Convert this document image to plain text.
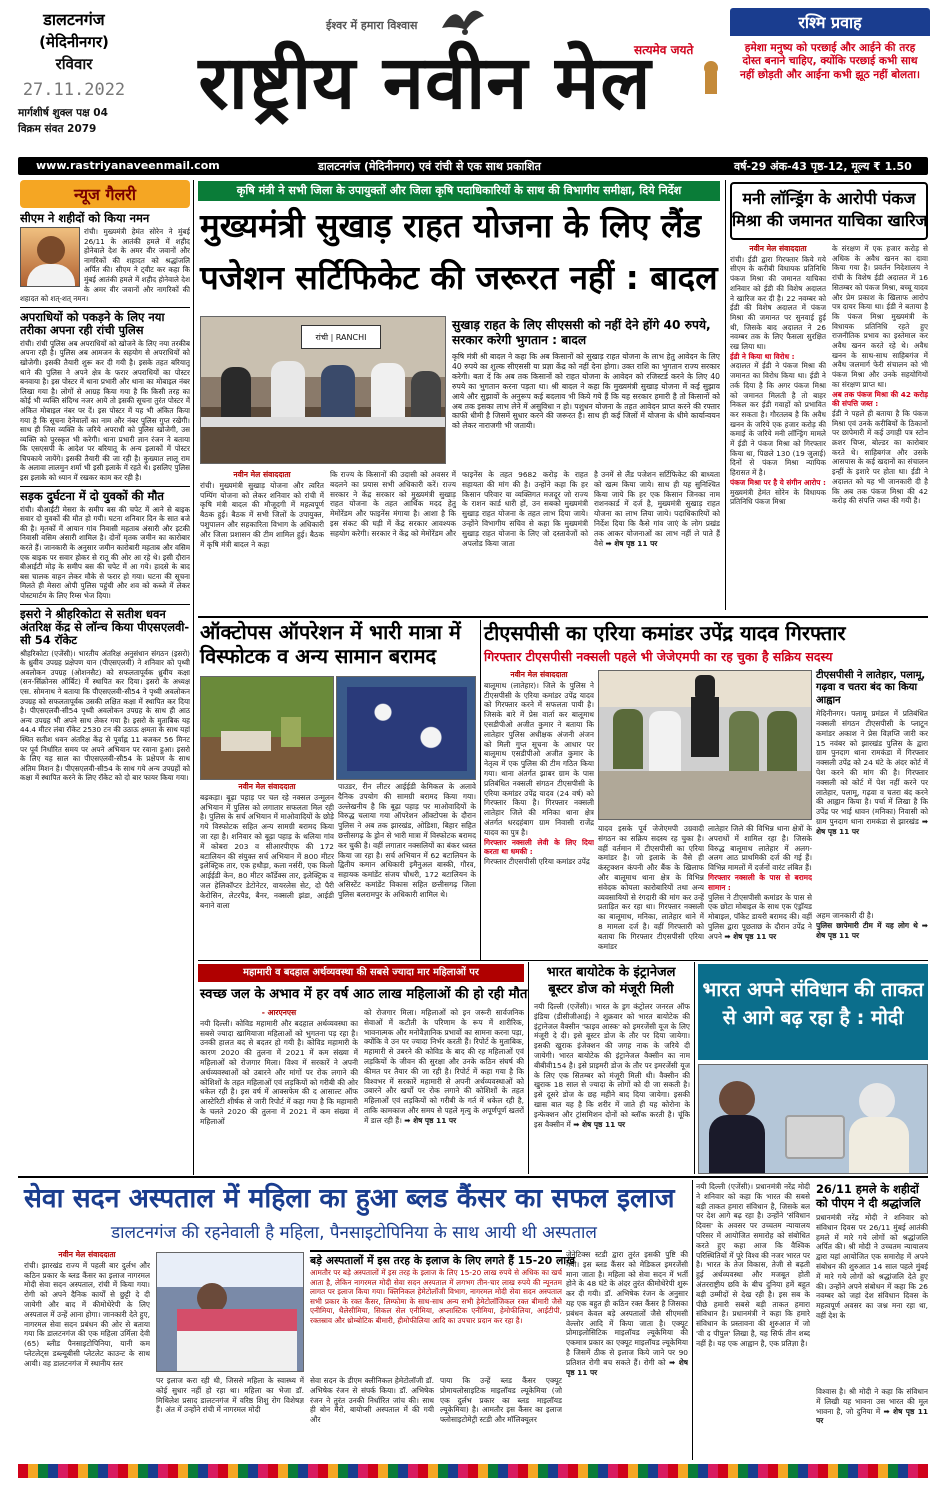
डालटनगंज
(मेदिनीनगर)
रविवार
27.11.2022
मार्गशीर्ष शुक्ल पक्ष 04
विक्रम संवत 2079
ईश्वर में हमारा विश्वास
राष्ट्रीय नवीन मेल
सत्यमेव जयते
रश्मि प्रवाह
हमेशा मनुष्य को परछाई और आईने की तरह दोस्त बनाने चाहिए, क्योंकि परछाई कभी साथ नहीं छोड़ती और आईना कभी झूठ नहीं बोलता।
www.rastriyanaveenmail.com	डालटनगंज (मेदिनीनगर) एवं रांची से एक साथ प्रकाशित	वर्ष-29 अंक-43 पृष्ठ-12, मूल्य ₹ 1.50
न्यूज गैलरी
सीएम ने शहीदों को किया नमन
रांची। मुख्यमंत्री हेमंत सोरेन ने मुंबई 26/11 के आतंकी हमले में शहीद होनेवाले देश के अमर वीर जवानों और नागरिकों की शहादत को श्रद्धांजलि अर्पित की। सीएम ने ट्वीट कर कहा कि मुंबई आतंकी हमले में शहीद होनेवाले देश के अमर वीर जवानों और नागरिकों की शहादत को शत्-शत् नमन।
अपराधियों को पकड़ने के लिए नया तरीका अपना रही रांची पुलिस
रांची। रांची पुलिस अब अपराधियों को खोजने के लिए नया तरकीब अपना रही है। पुलिस अब आमजन के सहयोग से अपराधियों को खोजेगी। इसकी तैयारी शुरू कर दी गयी है। इसके तहत बरियातू थाने की पुलिस ने अपने क्षेत्र के फरार अपराधियों का पोस्टर बनवाया है। इस पोस्टर में थाना प्रभारी और थाना का मोबाइल नंबर लिखा गया है। लोगों से आग्रह किया गया है कि किसी तरह का कोई भी व्यक्ति संदिग्ध नजर आये तो इसकी सूचना तुरंत पोस्टर में अंकित मोबाइल नंबर पर दें। इस पोस्टर में यह भी अंकित किया गया है कि सूचना देनेवालों का नाम और नंबर पुलिस गुप्त रखेगी। साथ ही जिस व्यक्ति के जरिये अपराधी को पुलिस खोजेगी, उस व्यक्ति को पुरस्कृत भी करेगी। थाना प्रभारी ज्ञान रंजन ने बताया कि एसएसपी के आदेश पर बरियातू के अन्य इलाकों में पोस्टर चिपकाये जायेंगे। इसकी तैयारी की जा रही है। कुख्यात लालू राम के अलावा लालमुन शर्मा भी इसी इलाके में रहते थे। इसलिए पुलिस इस इलाके को ध्यान में रखकर काम कर रही है।
सड़क दुर्घटना में दो युवकों की मौत
रांची। बीआईटी मेसरा के समीप बस की चपेट में आने से बाइक सवार दो युवकों की मौत हो गयी। घटना शनिवार दिन के सात बजे की है। मृतकों में आयान गांव निवासी महताब अंसारी और इटकी निवासी वसिम अंसारी शामिल है। दोनों मृतक जमीन का कारोबार करते हैं। जानकारी के अनुसार जमीन कारोबारी महताब और वसिम एक बाइक पर सवार होकर से रातू की ओर आ रहे थे। इसी दौरान बीआईटी मोड़ के समीप बस की चपेट में आ गये। हादसे के बाद बस चालक वाहन लेकर मौके से फरार हो गया। घटना की सूचना मिलते ही मेसरा ओपी पुलिस पहुंची और शव को कब्जे में लेकर पोस्टमार्टम के लिए रिम्स भेज दिया।
इसरो ने श्रीहरिकोटा से सतीश धवन अंतरिक्ष केंद्र से लॉन्च किया पीएसएलवी- सी 54 रॉकेट
श्रीहरिकोटा (एजेंसी)। भारतीय अंतरिक्ष अनुसंधान संगठन (इसरो) के ध्रुवीय उपग्रह प्रक्षेपण यान (पीएसएलवी) ने शनिवार को पृथ्वी अवलोकन उपग्रह (ओशनसैट) को सफलतापूर्वक ध्रुवीय कक्षा (सन-सिंक्रोनस ऑर्बिट) में स्थापित कर दिया। इसरो के अध्यक्ष एस. सोमनाथ ने बताया कि पीएसएलवी-सी54 ने पृथ्वी अवलोकन उपग्रह को सफलतापूर्वक उसकी लक्षित कक्षा में स्थापित कर दिया है। पीएसएलवी-सी54 पृथ्वी अवलोकन उपग्रह के साथ ही आठ अन्य उपग्रह भी अपने साथ लेकर गया है। इसरो के मुताबिक यह 44.4 मीटर लंबा रॉकेट 2530 टन की उठाऊ क्षमता के साथ यहां स्थित सतीश धवन अंतरिक्ष केंद्र से पूर्वाह्न 11 बजकर 56 मिनट पर पूर्व निर्धारित समय पर अपने अभियान पर रवाना हुआ। इसरो के लिए यह साल का पीएसएलवी-सी54 के प्रक्षेपण के साथ अंतिम मिशन है। पीएसएलवी-सी54 के साथ गये अन्य उपग्रहों को कक्षा में स्थापित करने के लिए रॉकेट को दो बार फायर किया गया।
कृषि मंत्री ने सभी जिला के उपायुक्तों और जिला कृषि पदाधिकारियों के साथ की विभागीय समीक्षा, दिये निर्देश
मुख्यमंत्री सुखाड़ राहत योजना के लिए लैंड
पजेशन सर्टिफिकेट की जरूरत नहीं : बादल
रांची | RANCHI
सुखाड़ राहत के लिए सीएससी को नहीं देने होंगे 40 रुपये, सरकार करेगी भुगतान : बादल
कृषि मंत्री श्री बादल ने कहा कि अब किसानों को सुखाड़ राहत योजना के लाभ हेतु आवेदन के लिए 40 रुपये का शुल्क सीएससी या प्रज्ञा केंद्र को नहीं देना होगा। उक्त राशि का भुगतान राज्य सरकार करेगी। बता दें कि अब तक किसानों को राहत योजना के आवेदन को रजिस्टर्ड करने के लिए 40 रुपये का भुगतान करना पड़ता था। श्री बादल ने कहा कि मुख्यमंत्री सुखाड़ योजना में कई सुझाव आये और सुझावों के अनुरूप कई बदलाव भी किये गये हैं कि यह सरकार हमारी है तो किसानों को अब तक इसका लाभ लेने में असुविधा न हो। पशुधन योजना के तहत आवेदन प्राप्त करने की रफ्तार काफी धीमी है जिसमें सुधार करने की जरूरत है। साथ ही कई जिलों में योजना के धीमे कार्यान्वयन को लेकर नाराजगी भी जतायी।
नवीन मेल संवाददाता
रांची। मुख्यमंत्री सुखाड़ योजना और त्वरित पम्पिंग योजना को लेकर शनिवार को रांची में कृषि मंत्री बादल की मौजूदगी में महत्वपूर्ण बैठक हुई। बैठक में सभी जिलों के उपायुक्त, पशुपालन और सहकारिता विभाग के अधिकारी और जिला प्रशासन की टीम शामिल हुई। बैठक में कृषि मंत्री बादल ने कहा
कि राज्य के किसानों की उदासी को अवसर में बदलने का प्रयास सभी अधिकारी करें। राज्य सरकार ने केंद्र सरकार को मुख्यमंत्री सुखाड़ राहत योजना के तहत आर्थिक मदद हेतु मेमोरेंडम और फाइनेंस मंगाया है। आशा है कि इस संकट की घड़ी में केंद्र सरकार आवश्यक सहयोग करेगी। सरकार ने केंद्र को मेमोरेंडम और
फाइनेंस के तहत 9682 करोड़ के राहत सहायता की मांग की है। उन्होंने कहा कि हर किसान परिवार या व्यक्तिगत मजदूर जो राज्य के राशन कार्ड धारी हों, उन सबको मुख्यमंत्री सुखाड़ राहत योजना के तहत लाभ दिया जाये। उन्होंने विभागीय सचिव से कहा कि मुख्यमंत्री सुखाड़ राहत योजना के लिए जो दस्तावेजों को अपलोड किया जाता
है उनमें से लैंड पजेशन सर्टिफिकेट की बाध्यता को खत्म किया जाये। साथ ही यह सुनिश्चित किया जाये कि हर एक किसान जिनका नाम राशनकार्ड में दर्ज है, मुख्यमंत्री सुखाड़ राहत योजना का लाभ लिया जाये। पदाधिकारियों को निर्देश दिया कि कैसे गांव जाएं के लोग प्रखंड तक आकर योजनाओं का लाभ नहीं ले पाते हैं वैसे ➡ शेष पृष्ठ 11 पर
मनी लॉन्ड्रिंग के आरोपी पंकज
मिश्रा की जमानत याचिका खारिज
नवीन मेल संवाददाता
रांची। ईडी द्वारा गिरफ्तार किये गये सीएम के करीबी विधायक प्रतिनिधि पंकज मिश्रा की जमानत याचिका शनिवार को ईडी की विशेष अदालत ने खारिज कर दी है। 22 नवम्बर को ईडी की विशेष अदालत में पंकज मिश्रा की जमानत पर सुनवाई हुई थी, जिसके बाद अदालत ने 26 नवम्बर तक के लिए फैसला सुरक्षित रख लिया था।
ईडी ने किया था विरोध :
अदालत में ईडी ने पंकज मिश्रा की जमानत का विरोध किया था। ईडी ने तर्क दिया है कि अगर पंकज मिश्रा को जमानत मिलती है तो बाहर निकल कर ईडी गवाहों को प्रभावित कर सकता है। गौरतलब है कि अवैध खनन के जरिये एक हजार करोड़ की कमाई के जरिये मनी लॉन्ड्रिंग मामले में ईडी ने पंकज मिश्रा को गिरफ्तार किया था, पिछले 130 (19 जुलाई) दिनों से पंकज मिश्रा न्यायिक हिरासत में है।
पंकज मिश्रा पर है ये संगीन आरोप :
मुख्यमंत्री हेमंत सोरेन के विधायक प्रतिनिधि पंकज मिश्रा
के संरक्षण में एक हजार करोड़ से अधिक के अवैध खनन का दावा किया गया है। प्रवर्तन निदेशालय ने रांची के विशेष ईडी अदालत में 16 सितम्बर को पंकज मिश्रा, बच्चू यादव और प्रेम प्रकाश के खिलाफ आरोप पत्र दायर किया था। ईडी ने बताया है कि पंकज मिश्रा मुख्यमंत्री के विधायक प्रतिनिधि रहते हुए राजनीतिक प्रभाव का इस्तेमाल कर अवैध खनन करते रहे थे। अवैध खनन के साथ-साथ साहिबगंज में अवैध जलमार्ग फेरी संचालन को भी पंकज मिश्रा और उनके सहयोगियों का संरक्षण प्राप्त था।
अब तक पंकज मिश्रा की 42 करोड़ की संपत्ति जब्त :
ईडी ने पहले ही बताया है कि पंकज मिश्रा एवं उनके करीबियों के ठिकानों पर छापेमारी में कई उगाही पत्र स्टोन क्रशर चिप्स, बोल्डर का कारोबार करते थे। साहिबगंज और उसके आसपास के कई खदानों का संचालन इन्हीं के इशारे पर होता था। ईडी ने अदालत को यह भी जानकारी दी है कि अब तक पंकज मिश्रा की 42 करोड़ की संपत्ति जब्त की गयी है।
ऑक्टोपस ऑपरेशन में भारी मात्रा में
विस्फोटक व अन्य सामान बरामद
नवीन मेल संवाददाता
बढ़कड़ा। बूढ़ा पहाड़ पर चल रहे नक्सल उन्मूलन अभियान में पुलिस को लगातार सफलता मिल रही है। पुलिस के सर्च अभियान में माओवादियों के छोड़े गये विस्फोटक सहित अन्य सामग्री बरामद किया जा रहा है। शनिवार को बूढ़ा पहाड़ के थलिया गांव में कोबरा 203 व सीआरपीएफ की 172 बटालियन की संयुक्त सर्च अभियान में 800 मीटर इलेक्ट्रिक तार, एक हथौड़ा, कला नर्सरी, एक किलो आईईडी केन, 80 मीटर कॉर्डेक्स तार, इलेक्ट्रिक व जल हेलिकॉप्टर डेटोनेटर, वायरलेस सेट, दो पैरी केरोसिन, लेटरपैड, बैनर, नक्सली झंडा, आईडी बनाने वाला
पाउडर, रीन लीटर आईईडी केमिकल के अलावे दैनिक उपयोग की सामग्री बरामद किया गया। उल्लेखनीय है कि बूढ़ा पहाड़ पर माओवादियों के विरुद्ध चलाया गया ऑपरेशन ऑक्टोपस के दौरान पुलिस ने अब तक झारखंड, ओडिशा, बिहार सहित छत्तीसगढ़ के ड्रोन से भारी मात्रा में विस्फोटक बरामद कर चुकी है। वहीं लगातार नक्सलियों का बंकर ध्वस्त किया जा रहा है। सर्च अभियान में 62 बटालियन के द्वितीय कमान अधिकारी इमैनुअल बास्की, गौरव, सहायक कमांडेंट संजय चौधरी, 172 बटालियन के असिस्टेंट कमांडेंट विकास सहित छत्तीसगढ़ जिला पुलिस बलरामपुर के अधिकारी शामिल थे।
टीएसपीसी का एरिया कमांडर उपेंद्र यादव गिरफ्तार
गिरफ्तार टीएसपीसी नक्सली पहले भी जेजेएमपी का रह चुका है सक्रिय सदस्य
नवीन मेल संवाददाता
बालूमाथ (लातेहार)। जिले के पुलिस ने टीएसपीसी के एरिया कमांडर उपेंद्र यादव को गिरफ्तार करने में सफलता पायी है। जिसके बारे में प्रेस वार्ता कर बालूमाथ एसडीपीओ अजीत कुमार ने बताया कि लातेहार पुलिस अधीक्षक अंजनी अंजन को मिली गुप्त सूचना के आधार पर बालूमाथ एसडीपीओ अजीत कुमार के नेतृत्व में एक पुलिस की टीम गठित किया गया। थाना अंतर्गत झाबर ग्राम के पास प्रतिबंधित नक्सली संगठन टीएसपीसी के एरिया कमांडर उपेंद्र यादव (24 वर्ष) को गिरफ्तार किया है। गिरफ्तार नक्सली लातेहार जिले की मनिका थाना क्षेत्र अंतर्गत धरदहंबाग ग्राम निवासी राजेंद्र यादव का पुत्र है।
गिरफ्तार नक्सली लेवी के लिए दिया करता था धमकी :
गिरफ्तार टीएसपीसी एरिया कमांडर उपेंद्र
यादव इसके पूर्व जेजेएमपी उग्रवादी संगठन का सक्रिय सदस्य रह चुका है। वहीं वर्तमान में टीएसपीसी का एरिया कमांडर है। जो इलाके के वैसे ही कंस्ट्रक्शन कंपनी और बैंक के खिलाफ और बालूमाथ थाना क्षेत्र के विभिन्न संवेदक कोयला कारोबारियों तथा अन्य व्यवसायियों से रंगदारी की मांग कर उन्हें प्रताड़ित कर रहा था। गिरफ्तार नक्सली का बालूमाथ, मनिका, लातेहार थाने में 8 मामला दर्ज है। वहीं गिरफ्तारी को बताया कि गिरफ्तार टीएसपीसी एरिया कमांडर
लातेहार जिले की विभिन्न थाना क्षेत्रों के अपराधों में शामिल रहा है। जिसके विरुद्ध बालूमाथ लातेहार में अलग-अलग आठ प्राथमिकी दर्ज की गई हैं। विभिन्न मामलों में दर्जनों वारंट लंबित हैं।
गिरफ्तार नक्सली के पास से बरामद सामान :
पुलिस ने टीएसपीसी कमांडर के पास से एक छोटा मोबाइल के साथ एक एंड्रॉयड मोबाइल, पॉकेट डायरी बरामद की। वहीं पुलिस द्वारा पूछताछ के दौरान उपेंद्र ने अपने ➡ शेष पृष्ठ 11 पर
टीएसपीसी ने लातेहार, पलामू, गढ़वा व चतरा बंद का किया आह्वान
मेदिनीनगर। पलामू प्रमंडल में प्रतिबंधित नक्सली संगठन टीएसपीसी के प्लाटून कमांडर अकाश ने प्रेस विज्ञप्ति जारी कर 15 नवंबर को झारखंड पुलिस के द्वारा ग्राम पुनदाग थाना रामकंडा में गिरफ्तार नक्सली उपेंद्र को 24 घंटे के अंदर कोर्ट में पेश करने की मांग की है। गिरफ्तार नक्सली को कोर्ट में पेश नहीं करने पर लातेहार, पलामू, गढ़वा व चतरा बंद करने की आह्वान किया है। पर्चा में लिखा है कि उपेंद्र पर भाई धावन (मनिका) निवासी को ग्राम पुनदाग थाना रामकंडा से झारखंड ➡ शेष पृष्ठ 11 पर
अहम जानकारी दी है।
पुलिस छापेमारी टीम में यह लोग थे ➡ शेष पृष्ठ 11 पर
महामारी व बदहाल अर्थव्यवस्था की सबसे ज्यादा मार महिलाओं पर
स्वच्छ जल के अभाव में हर वर्ष आठ लाख महिलाओं की हो रही मौत
- आरएनएस
नयी दिल्ली। कोविड महामारी और बदहाल अर्थव्यवस्था का सबसे ज्यादा खामियाजा महिलाओं को भुगतना पड़ रहा है। उनकी हालत बद से बदतर हो गयी है। कोविड महामारी के कारण 2020 की तुलना में 2021 में कम संख्या में महिलाओं को रोजगार मिला। विश्व में सरकारें ने अपनी अर्थव्यवस्थाओं को उबारने और मांगों पर रोक लगाने की कोशिशों के तहत महिलाओं एवं लड़कियों को गरीबी की ओर धकेल रही है। इस वर्ष में आक्सफेम की द आसाल्ट ऑफ आस्टेरिटी शीर्षक से जारी रिपोर्ट में कहा गया है कि महामारी के चलते 2020 की तुलना में 2021 में कम संख्या में महिलाओं
को रोजगार मिला। महिलाओं को इन जरूरी सार्वजनिक सेवाओं में कटौती के परिणाम के रूप में शारीरिक, भावनात्मक और मनोवैज्ञानिक प्रभावों का सामना करना पड़ा, क्योंकि वे उन पर ज्यादा निर्भर करती हैं। रिपोर्ट के मुताबिक, महामारी से उबरने की कोविड के बाद की रह महिलाओं एवं लड़कियों के जीवन की सुरक्षा और उनके कठिन संघर्ष की कीमत पर तैयार की जा रही है। रिपोर्ट में कहा गया है कि विश्वभर में सरकारें महामारी से अपनी अर्थव्यवस्थाओं को उबारने और खर्चों पर रोक लगाने की कोशिशों के तहत महिलाओं एवं लड़कियों को गरीबी के गर्त में धकेल रही है, ताकि कामकाज और समय से पहले मृत्यु के अपूर्णपूर्ण खतरों में डाल रही हैं। ➡ शेष पृष्ठ 11 पर
भारत बायोटेक के इंट्रानेजल
बूस्टर डोज को मंजूरी मिली
नयी दिल्ली (एजेंसी)। भारत के ड्रग कंट्रोलर जनरल ऑफ इंडिया (डीसीजीआई) ने शुक्रवार को भारत बायोटेक की इंट्रानेजल वैक्सीन 'फाइव आस्क' को इमरजेंसी यूज के लिए मंजूरी दे दी। इसे बूस्टर डोज के तौर पर दिया जायेगा। इसकी खुराक इंजेक्शन की जगह नाक के जरिये दी जायेगी। भारत बायोटेक की इंट्रानेजल वैक्सीन का नाम बीबीवी154 है। इसे प्राइमरी डोज के तौर पर इमरजेंसी यूज के लिए एक सितम्बर को मंजूरी मिली थी। वैक्सीन की खुराक 18 साल से ज्यादा के लोगों को दी जा सकती है। इसे दूसरे डोज के छह महीने बाद दिया जायेगा। इसकी खास बात यह है कि शरीर में जाते ही यह कोरोना के इन्फेक्शन और ट्रांसमिशन दोनों को ब्लॉक करती है। चूंकि इस वैक्सीन में ➡ शेष पृष्ठ 11 पर
भारत अपने संविधान की ताकत
से आगे बढ़ रहा है : मोदी
सेवा सदन अस्पताल में महिला का हुआ ब्लड कैंसर का सफल इलाज
डालटनगंज की रहनेवाली है महिला, पैनसाइटोपिनिया के साथ आयी थी अस्पताल
नवीन मेल संवाददाता
रांची। झारखंड राज्य में पहली बार दुर्लभ और कठिन प्रकार के ब्लड कैंसर का इलाज नागरमल मोदी सेवा सदन अस्पताल, रांची में किया गया। रोगी को अपने दैनिक कार्यों से छुट्टी दे दी जायेगी और बाद में कीमोथेरेपी के लिए अस्पताल में उन्हें आना होगा। जानकारी देते हुए, नागरमल सेवा सदन प्रबंधन की ओर से बताया गया कि डालटनगंज की एक महिला उर्मिला देवी (65) ब्लीड पैनसाइटोपिनिया, यानी कम प्लेटलेट्स डब्ल्यूबीसी प्लेटलेट काउन्ट के साथ आयी। वह डालटनगंज में स्थानीय स्तर
पर इलाज करा रही थी, जिससे महिला के स्वास्थ्य में कोई सुधार नहीं हो रहा था। महिला का भेजा डॉ. मिथिलेश प्रसाद डालटनगंज में वरिष्ठ शिशु रोग विशेषज्ञ हैं। अंत में उन्होंने रांची में नागरमल मोदी
बड़े अस्पतालों में इस तरह के इलाज के लिए लगते हैं 15-20 लाख
आमतौर पर बड़े अस्पतालों में इस तरह के इलाज के लिए 15-20 लाख रुपये से अधिक का खर्च आता है, लेकिन नागरमल मोदी सेवा सदन अस्पताल में लगभग तीन-चार लाख रुपये की न्यूनतम लागत पर इलाज किया गया। क्लिनिकल हेमेटोलॉजी विभाग, नागरमल मोदी सेवा सदन अस्पताल सभी प्रकार के रक्त कैंसर, लिम्फोमा के साथ-साथ अन्य सभी हेमेटोलॉजिकल रक्त बीमारी जैसे एनीमिया, थैलेसीमिया, सिकल सेल एनीमिया, अप्लास्टिक एनीमिया, हेमोफीलिया, आईटीपी, रक्तस्राव और थ्रोम्बोटिक बीमारी, हीमोफीलिया आदि का उपचार प्रदान कर रहा है।
सेवा सदन के डीएम क्लीनिकल हेमेटोलॉजी डॉ. अभिषेक रंजन से संपर्क किया। डॉ. अभिषेक रंजन ने तुरंत उनकी निर्धारित जांच की। साथ ही बोन मैरो, बायोप्सी अस्पताल में की गयी और
पाया कि उन्हें ब्लड कैंसर एक्यूट प्रोमायलोसाइटिक माइलॉयड ल्यूकेमिया (जो एक दुर्लभ प्रकार का ब्लड माइलॉयड ल्यूकेमिया) है। आमतौर इस कैंसर का इलाज फ्लोसाइटोमेट्री स्टडी और मॉलिक्यूलर
जेनेटिक्स स्टडी द्वारा तुरंत इसकी पुष्टि की गयी। इस ब्लड कैंसर को मेडिकल इमरजेंसी माना जाता है। महिला को सेवा सदन में भर्ती होने के 48 घंटे के अंदर तुरंत कीमोथेरेपी शुरू कर दी गयी। डॉ. अभिषेक रंजन के अनुसार यह एक बहुत ही कठिन रक्त कैंसर है जिसका प्रबंधन केवल बड़े अस्पतालों जैसे सीएमसी वेल्लोर आदि में किया जाता है। एक्यूट प्रोमाइलोसिटिक माइलॉयड ल्यूकेमिया की एकमात्र प्रकार का एक्यूट माइलॉयड ल्यूकेमिया है जिसमें ठीक से इलाज किये जाने पर 90 प्रतिशत रोगी बच सकते हैं। रोगी को ➡ शेष पृष्ठ 11 पर
नयी दिल्ली (एजेंसी)। प्रधानमंत्री नरेंद्र मोदी ने शनिवार को कहा कि भारत की सबसे बड़ी ताकत हमारा संविधान है, जिसके बल पर देश आगे बढ़ रहा है। उन्होंने 'संविधान दिवस' के अवसर पर उच्चतम न्यायालय परिसर में आयोजित समारोह को संबोधित करते हुए कहा आज कि वैश्विक परिस्थितियों में पूरे विश्व की नजर भारत पर है। भारत के तेज विकास, तेजी से बढ़ती हुई अर्थव्यवस्था और मजबूत होती अंतरराष्ट्रीय छवि के बीच दुनिया हमें बहुत बड़ी उम्मीदों से देख रही है। इस सब के पीछे हमारी सबसे बड़ी ताकत हमारा संविधान है। प्रधानमंत्री ने कहा कि हमारे संविधान के प्रस्तावना की शुरुआत में जो 'वी द पीपुल' लिखा है, यह सिर्फ तीन शब्द नहीं है। यह एक आह्वान है, एक प्रतिज्ञा है।
26/11 हमले के शहीदों को पीएम ने दी श्रद्धांजलि
प्रधानमंत्री नरेंद्र मोदी ने शनिवार को संविधान दिवस पर 26/11 मुंबई आतंकी हमले में मारे गये लोगों को श्रद्धांजलि अर्पित की। श्री मोदी ने उच्चतम न्यायालय द्वारा यहां आयोजित एक समारोह में अपने संबोधन की शुरुआत 14 साल पहले मुंबई में मारे गये लोगों को श्रद्धांजलि देते हुए की। उन्होंने अपने संबोधन में कहा कि 26 नवम्बर को जहां देश संविधान दिवस के महत्वपूर्ण अवसर का जश्न मना रहा था, वहीं देश के
विश्वास है। श्री मोदी ने कहा कि संविधान में लिखी यह भावना उस भारत की मूल भावना है, जो दुनिया में ➡ शेष पृष्ठ 11 पर
